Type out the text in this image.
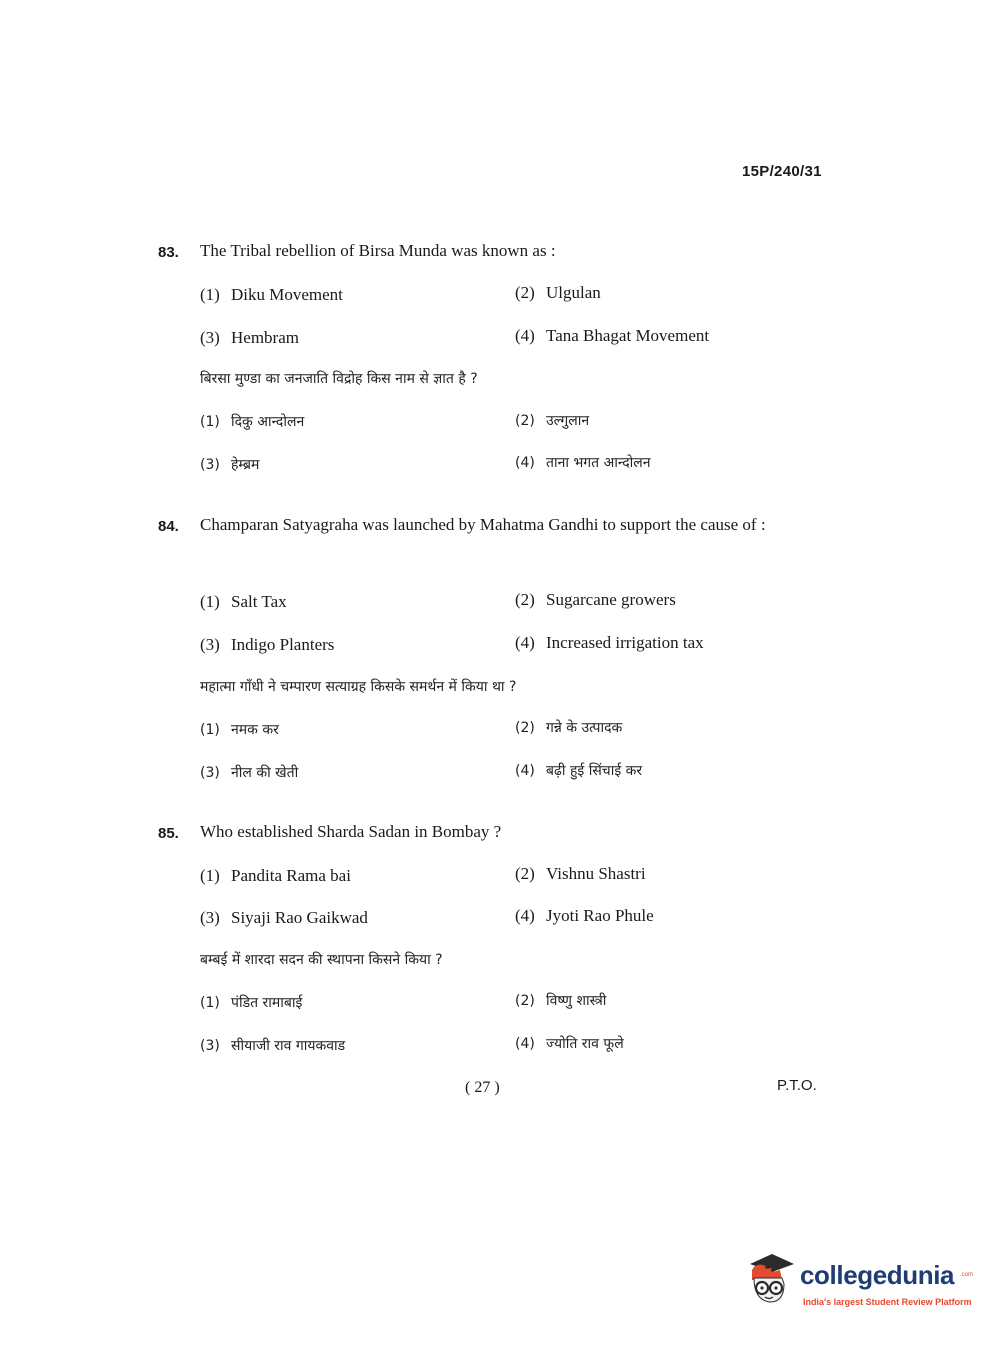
15P/240/31
83. The Tribal rebellion of Birsa Munda was known as :
(1) Diku Movement	(2) Ulgulan
(3) Hembram	(4) Tana Bhagat Movement
बिरसा मुण्डा का जनजाति विद्रोह किस नाम से ज्ञात है ?
(1) दिकु आन्दोलन	(2) उल्गुलान
(3) हेम्ब्रम	(4) ताना भगत आन्दोलन
84. Champaran Satyagraha was launched by Mahatma Gandhi to support the cause of :
(1) Salt Tax	(2) Sugarcane growers
(3) Indigo Planters	(4) Increased irrigation tax
महात्मा गाँधी ने चम्पारण सत्याग्रह किसके समर्थन में किया था ?
(1) नमक कर	(2) गन्ने के उत्पादक
(3) नील की खेती	(4) बढ़ी हुई सिंचाई कर
85. Who established Sharda Sadan in Bombay ?
(1) Pandita Rama bai	(2) Vishnu Shastri
(3) Siyaji Rao Gaikwad	(4) Jyoti Rao Phule
बम्बई में शारदा सदन की स्थापना किसने किया ?
(1) पंडित रामाबाई	(2) विष्णु शास्त्री
(3) सीयाजी राव गायकवाड	(4) ज्योति राव फूले
( 27 )	P.T.O.
collegedunia .com
India's largest Student Review Platform
